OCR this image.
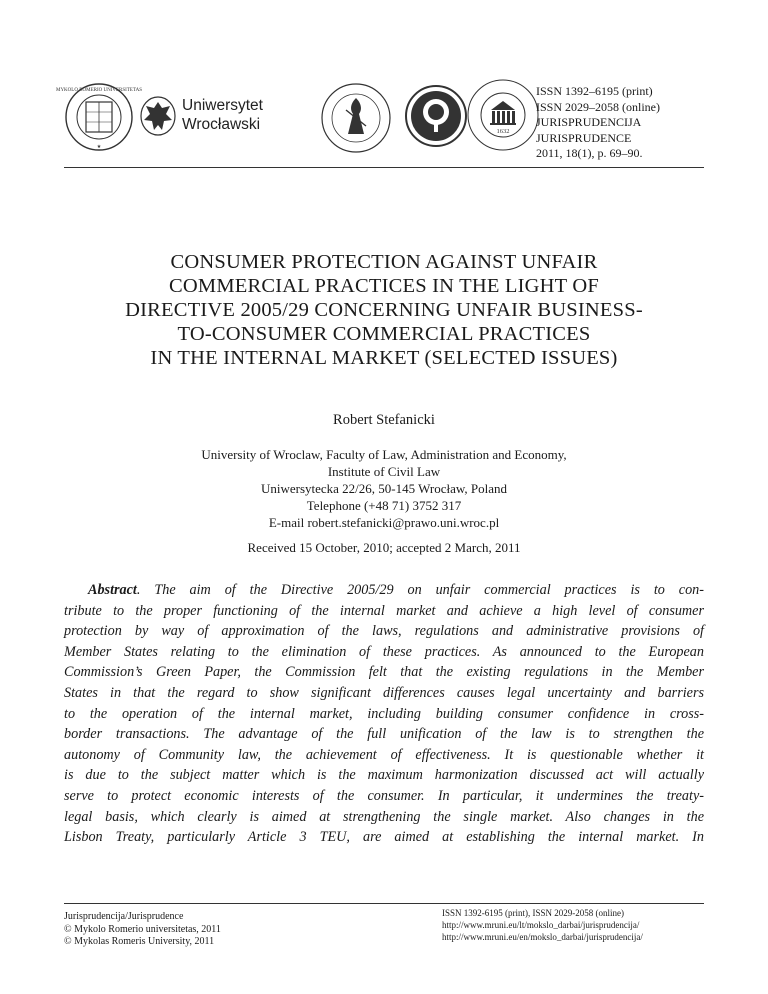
MYKOLO ROMERIO UNIVERSITETAS
★
Uniwersytet
Wrocławski	1632
ISSN 1392–6195 (print)
ISSN 2029–2058 (online)
JURISPRUDENCIJA
JURISPRUDENCE
2011, 18(1), p. 69–90.
CONSUMER PROTECTION AGAINST UNFAIR
COMMERCIAL PRACTICES IN THE LIGHT OF
DIRECTIVE 2005/29 CONCERNING UNFAIR BUSINESS-
TO-CONSUMER COMMERCIAL PRACTICES
IN THE INTERNAL MARKET (SELECTED ISSUES)
Robert Stefanicki
University of Wroclaw, Faculty of Law, Administration and Economy,
Institute of Civil Law
Uniwersytecka 22/26, 50-145 Wrocław, Poland
Telephone (+48 71) 3752 317
E-mail robert.stefanicki@prawo.uni.wroc.pl
Received 15 October, 2010; accepted 2 March, 2011
Abstract. The aim of the Directive 2005/29 on unfair commercial practices is to con-
tribute to the proper functioning of the internal market and achieve a high level of consumer
protection by way of approximation of the laws, regulations and administrative provisions of
Member States relating to the elimination of these practices. As announced to the European
Commission’s Green Paper, the Commission felt that the existing regulations in the Member
States in that the regard to show significant differences causes legal uncertainty and barriers
to the operation of the internal market, including building consumer confidence in cross-
border transactions. The advantage of the full unification of the law is to strengthen the
autonomy of Community law, the achievement of effectiveness. It is questionable whether it
is due to the subject matter which is the maximum harmonization discussed act will actually
serve to protect economic interests of the consumer. In particular, it undermines the treaty-
legal basis, which clearly is aimed at strengthening the single market. Also changes in the
Lisbon Treaty, particularly Article 3 TEU, are aimed at establishing the internal market. In
Jurisprudencija/Jurisprudence
© Mykolo Romerio universitetas, 2011
© Mykolas Romeris University, 2011
ISSN 1392-6195 (print), ISSN 2029-2058 (online)
http://www.mruni.eu/lt/mokslo_darbai/jurisprudencija/
http://www.mruni.eu/en/mokslo_darbai/jurisprudencija/
